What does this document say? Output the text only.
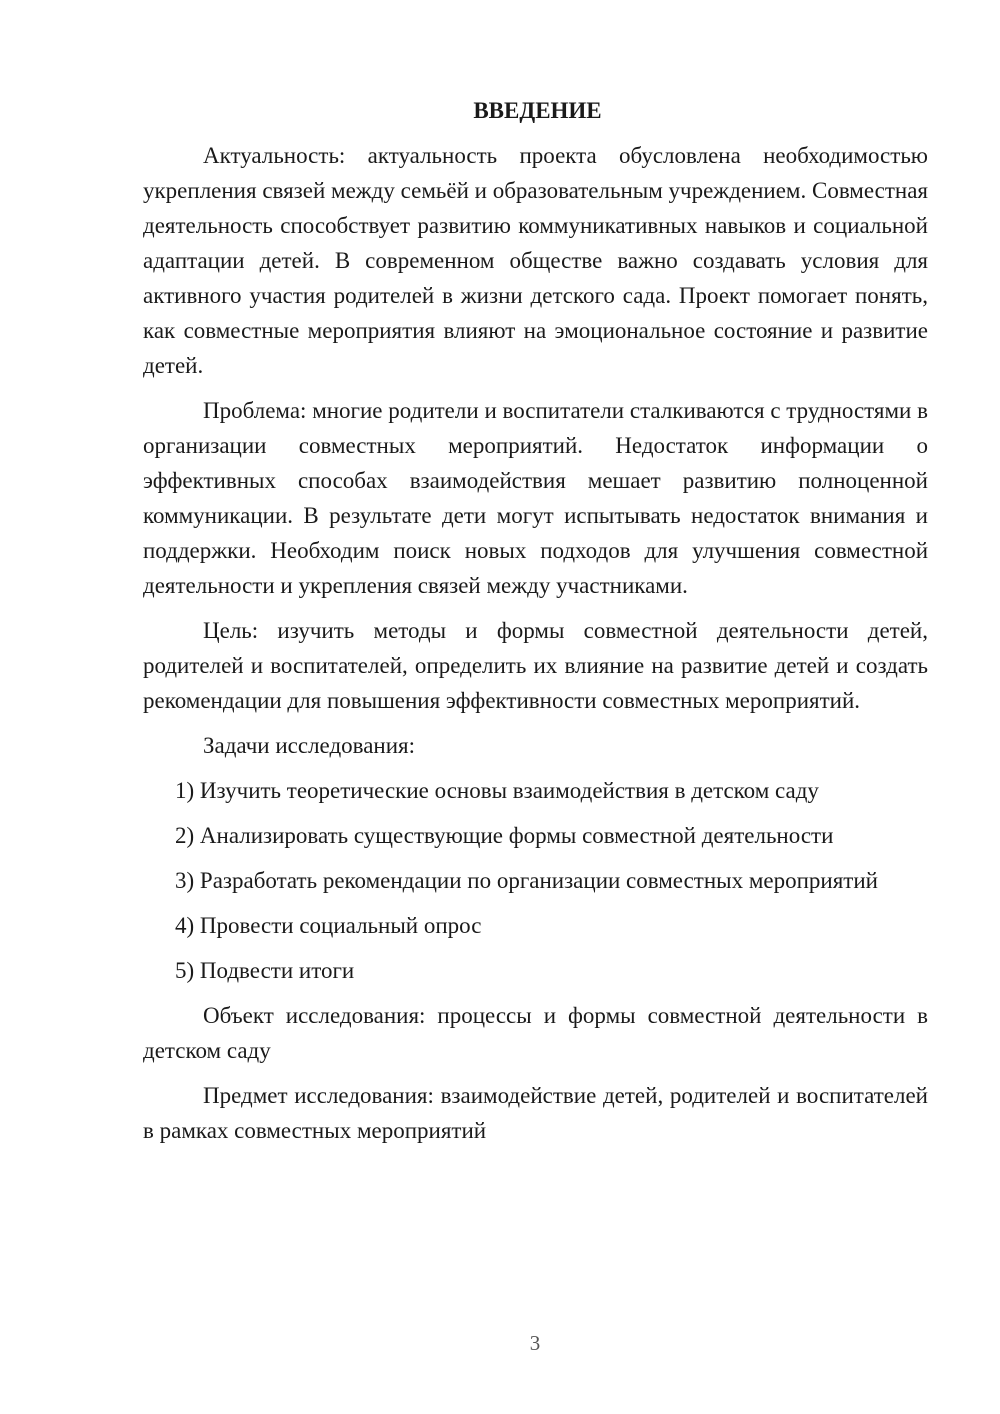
ВВЕДЕНИЕ

Актуальность: актуальность проекта обусловлена необходимостью укрепления связей между семьёй и образовательным учреждением. Совместная деятельность способствует развитию коммуникативных навыков и социальной адаптации детей. В современном обществе важно создавать условия для активного участия родителей в жизни детского сада. Проект помогает понять, как совместные мероприятия влияют на эмоциональное состояние и развитие детей.

Проблема: многие родители и воспитатели сталкиваются с трудностями в организации совместных мероприятий. Недостаток информации о эффективных способах взаимодействия мешает развитию полноценной коммуникации. В результате дети могут испытывать недостаток внимания и поддержки. Необходим поиск новых подходов для улучшения совместной деятельности и укрепления связей между участниками.

Цель: изучить методы и формы совместной деятельности детей, родителей и воспитателей, определить их влияние на развитие детей и создать рекомендации для повышения эффективности совместных мероприятий.

Задачи исследования:

1) Изучить теоретические основы взаимодействия в детском саду

2) Анализировать существующие формы совместной деятельности

3) Разработать рекомендации по организации совместных мероприятий

4) Провести социальный опрос

5) Подвести итоги

Объект исследования: процессы и формы совместной деятельности в детском саду

Предмет исследования: взаимодействие детей, родителей и воспитателей в рамках совместных мероприятий

3
